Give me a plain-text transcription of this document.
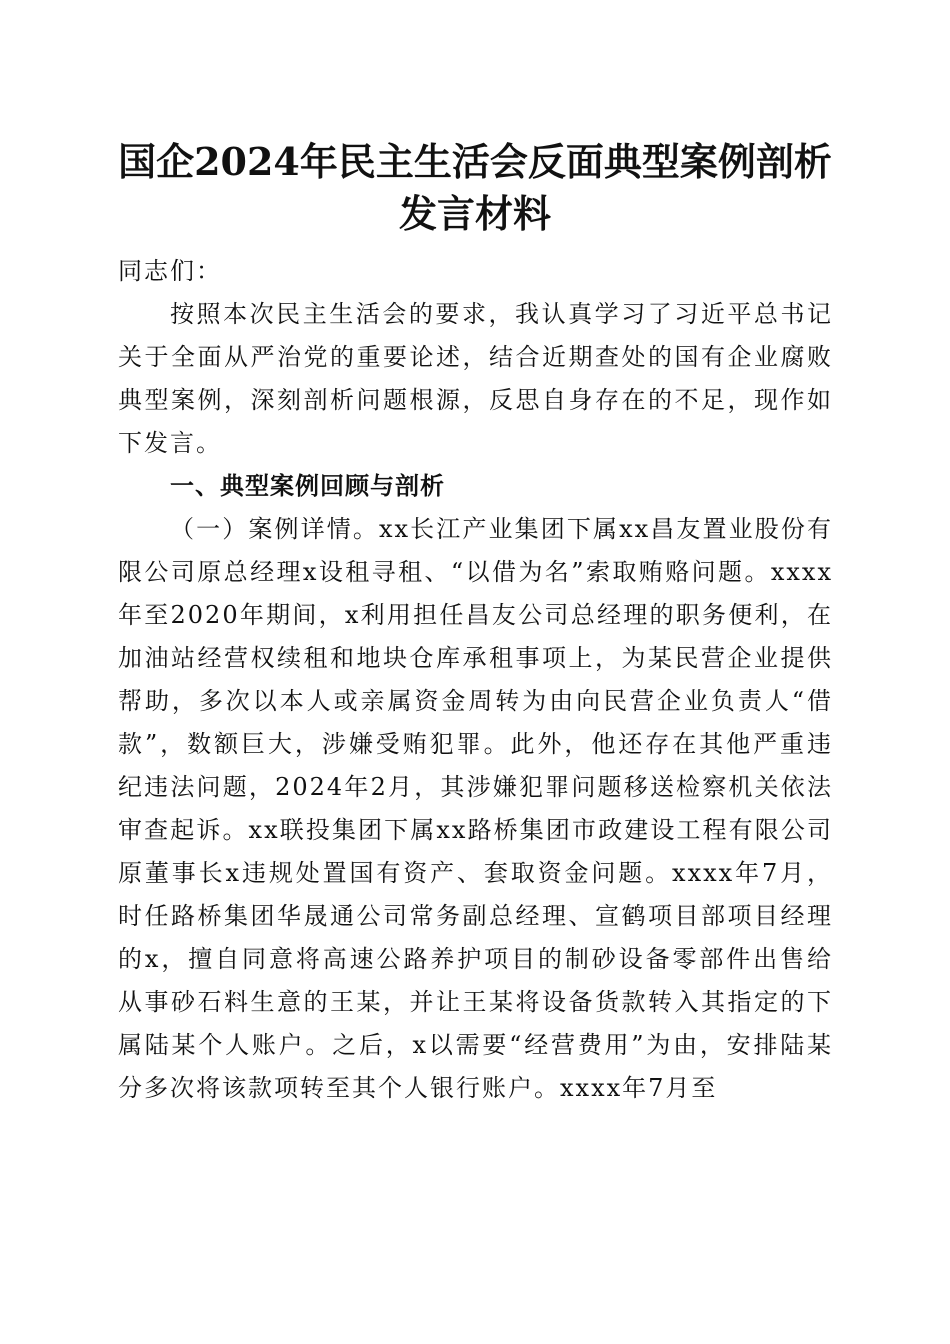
国企2024年民主生活会反面典型案例剖析发言材料

同志们：

按照本次民主生活会的要求，我认真学习了习近平总书记关于全面从严治党的重要论述，结合近期查处的国有企业腐败典型案例，深刻剖析问题根源，反思自身存在的不足，现作如下发言。

一、典型案例回顾与剖析

（一）案例详情。xx长江产业集团下属xx昌友置业股份有限公司原总经理x设租寻租、“以借为名”索取贿赂问题。xxxx年至2020年期间，x利用担任昌友公司总经理的职务便利，在加油站经营权续租和地块仓库承租事项上，为某民营企业提供帮助，多次以本人或亲属资金周转为由向民营企业负责人“借款”，数额巨大，涉嫌受贿犯罪。此外，他还存在其他严重违纪违法问题，2024年2月，其涉嫌犯罪问题移送检察机关依法审查起诉。xx联投集团下属xx路桥集团市政建设工程有限公司原董事长x违规处置国有资产、套取资金问题。xxxx年7月，时任路桥集团华晟通公司常务副总经理、宣鹤项目部项目经理的x，擅自同意将高速公路养护项目的制砂设备零部件出售给从事砂石料生意的王某，并让王某将设备货款转入其指定的下属陆某个人账户。之后，x以需要“经营费用”为由，安排陆某分多次将该款项转至其个人银行账户。xxxx年7月至
